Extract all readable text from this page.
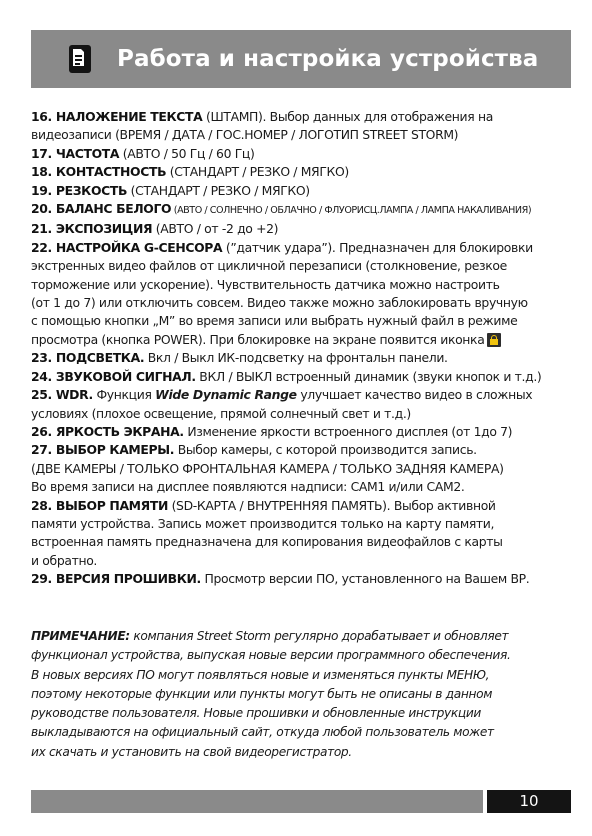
Работа и настройка устройства

16. НАЛОЖЕНИЕ ТЕКСТА (ШТАМП). Выбор данных для отображения на

видеозаписи (ВРЕМЯ / ДАТА / ГОС.НОМЕР / ЛОГОТИП STREET STORM)

17. ЧАСТОТА (АВТО / 50 Гц / 60 Гц)

18. КОНТАСТНОСТЬ (СТАНДАРТ / РЕЗКО / МЯГКО)

19. РЕЗКОСТЬ (СТАНДАРТ / РЕЗКО / МЯГКО)

20. БАЛАНС БЕЛОГО (АВТО / СОЛНЕЧНО / ОБЛАЧНО / ФЛУОРИСЦ.ЛАМПА / ЛАМПА НАКАЛИВАНИЯ)

21. ЭКСПОЗИЦИЯ (АВТО / от -2 до +2)

22. НАСТРОЙКА G-СЕНСОРА (”датчик удара”). Предназначен для блокировки

экстренных видео файлов от цикличной перезаписи (столкновение, резкое

торможение или ускорение). Чувствительность датчика можно настроить

(от 1 до 7) или отключить совсем. Видео также можно заблокировать вручную

с помощью кнопки „M” во время записи или выбрать нужный файл в режиме

просмотра (кнопка POWER). При блокировке на экране появится иконка

23. ПОДСВЕТКА. Вкл / Выкл ИК-подсветку на фронтальн панели.

24. ЗВУКОВОЙ СИГНАЛ. ВКЛ / ВЫКЛ встроенный динамик (звуки кнопок и т.д.)

25. WDR. Функция Wide Dynamic Range улучшает качество видео в сложных

условиях (плохое освещение, прямой солнечный свет и т.д.)

26. ЯРКОСТЬ ЭКРАНА. Изменение яркости встроенного дисплея (от 1до 7)

27. ВЫБОР КАМЕРЫ. Выбор камеры, с которой производится запись.

(ДВЕ КАМЕРЫ / ТОЛЬКО ФРОНТАЛЬНАЯ КАМЕРА / ТОЛЬКО ЗАДНЯЯ КАМЕРА)

Во время записи на дисплее появляются надписи: CAM1 и/или CAM2.

28. ВЫБОР ПАМЯТИ (SD-КАРТА / ВНУТРЕННЯЯ ПАМЯТЬ). Выбор активной

памяти устройства. Запись может производится только на карту памяти,

встроенная память предназначена для копирования видеофайлов с карты

и обратно.

29. ВЕРСИЯ ПРОШИВКИ. Просмотр версии ПО, установленного на Вашем ВР.

ПРИМЕЧАНИЕ: компания Street Storm регулярно дорабатывает и обновляет

функционал устройства, выпуская новые версии программного обеспечения.

В новых версиях ПО могут появляться новые и изменяться пункты МЕНЮ,

поэтому некоторые функции или пункты могут быть не описаны в данном

руководстве пользователя. Новые прошивки и обновленные инструкции

выкладываются на официальный сайт, откуда любой пользователь может

их скачать и установить на свой видеорегистратор.

10
